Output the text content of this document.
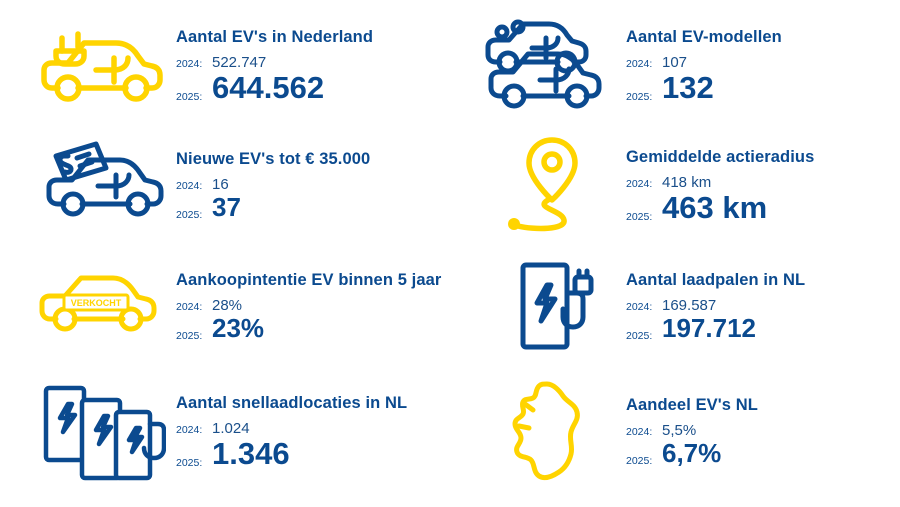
Aantal EV's in Nederland
2024: 522.747
2025: 644.562
Aantal EV-modellen
2024: 107
2025: 132
Nieuwe EV's tot € 35.000
2024: 16
2025: 37
Gemiddelde actieradius
2024: 418 km
2025: 463 km
VERKOCHT
Aankoopintentie EV binnen 5 jaar
2024: 28%
2025: 23%
Aantal laadpalen in NL
2024: 169.587
2025: 197.712
Aantal snellaadlocaties in NL
2024: 1.024
2025: 1.346
Aandeel EV's NL
2024: 5,5%
2025: 6,7%
